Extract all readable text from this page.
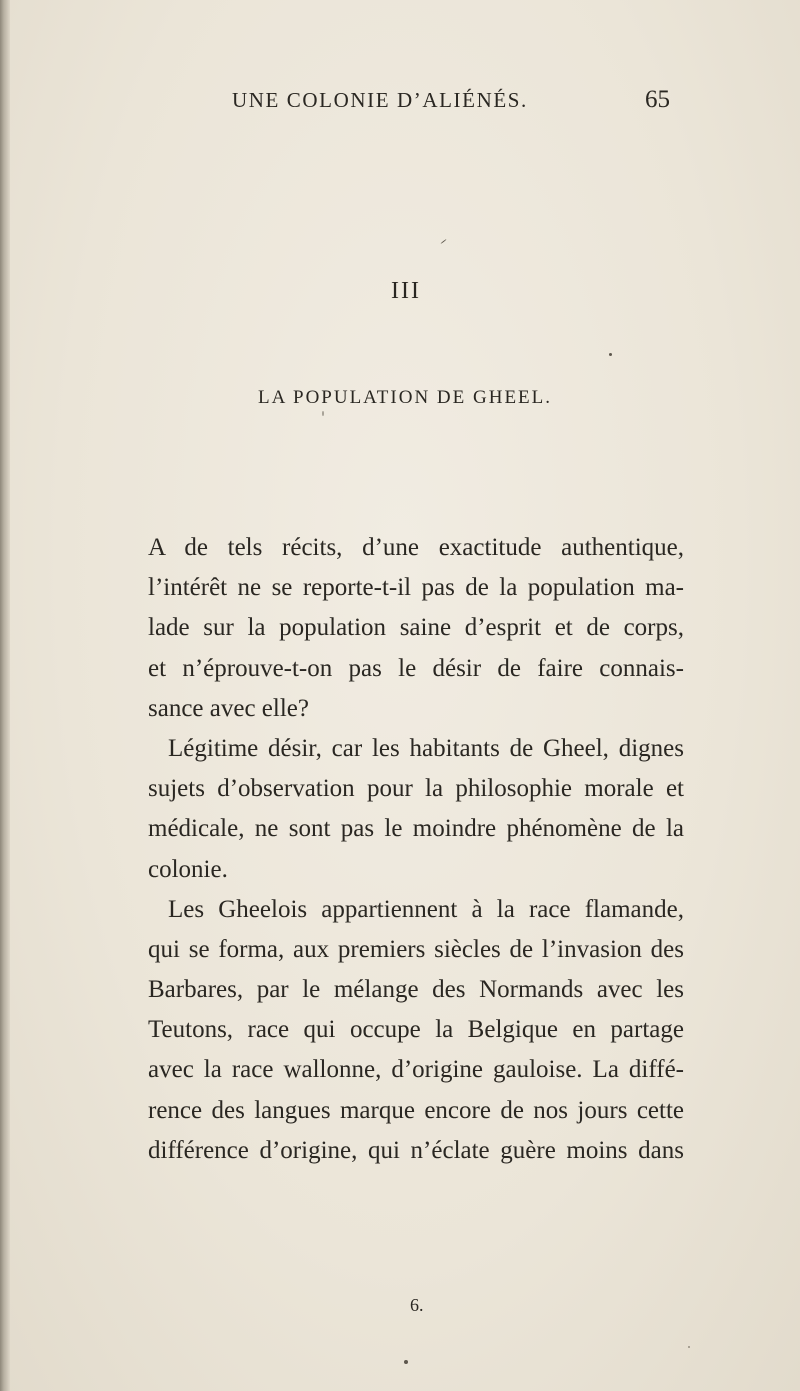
UNE COLONIE D’ALIÉNÉS.	65
III
LA POPULATION DE GHEEL.
A de tels récits, d’une exactitude authentique,
l’intérêt ne se reporte-t-il pas de la population ma-
lade sur la population saine d’esprit et de corps,
et n’éprouve-t-on pas le désir de faire connais-
sance avec elle?
Légitime désir, car les habitants de Gheel, dignes
sujets d’observation pour la philosophie morale et
médicale, ne sont pas le moindre phénomène de la
colonie.
Les Gheelois appartiennent à la race flamande,
qui se forma, aux premiers siècles de l’invasion des
Barbares, par le mélange des Normands avec les
Teutons, race qui occupe la Belgique en partage
avec la race wallonne, d’origine gauloise. La diffé-
rence des langues marque encore de nos jours cette
différence d’origine, qui n’éclate guère moins dans
6.
